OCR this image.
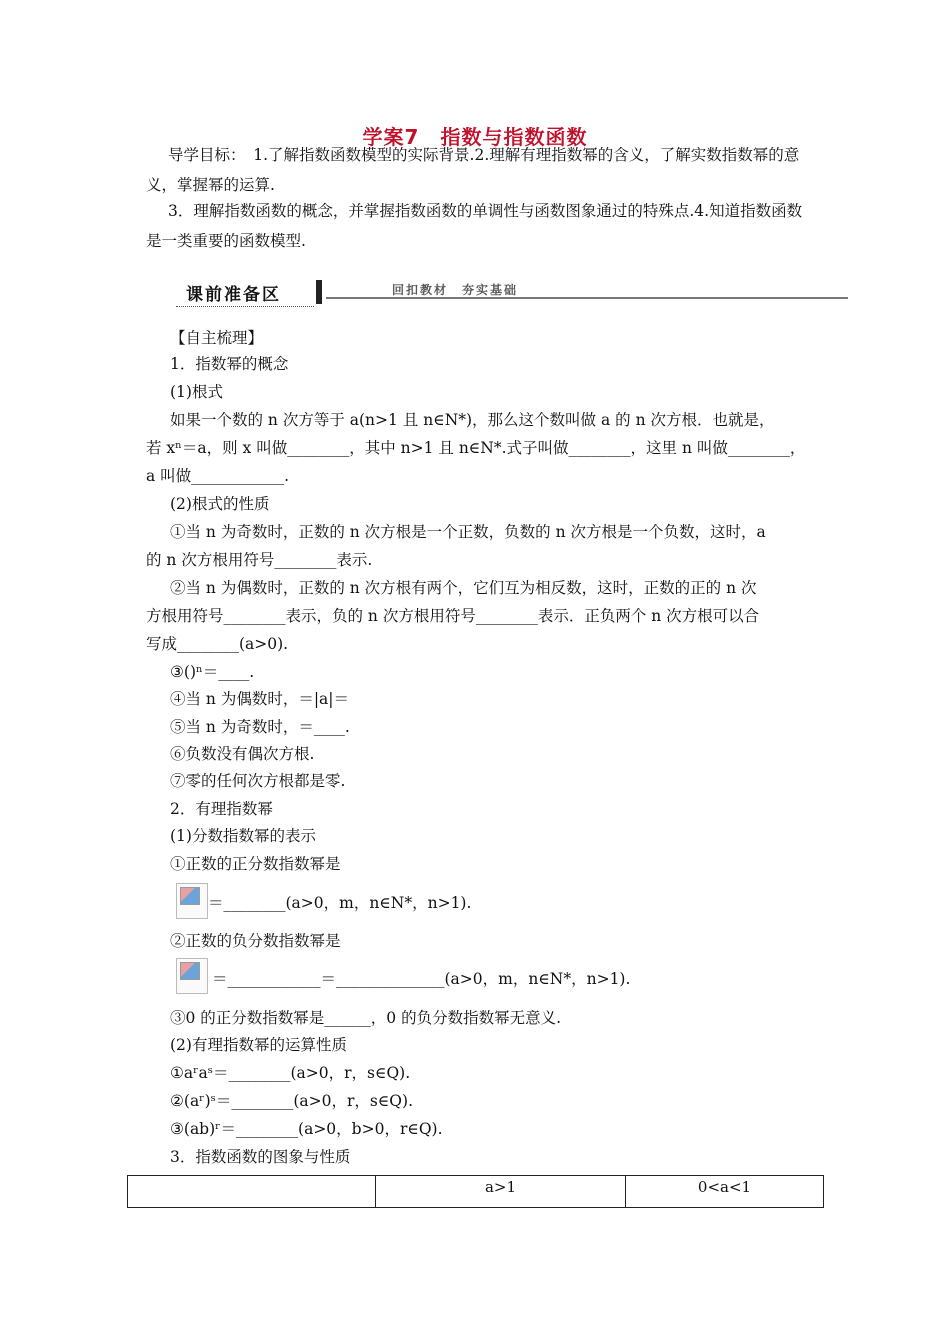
学案7　指数与指数函数
导学目标：　1.了解指数函数模型的实际背景.2.理解有理指数幂的含义，了解实数指数幂的意义，掌握幂的运算.
3．理解指数函数的概念，并掌握指数函数的单调性与函数图象通过的特殊点.4.知道指数函数是一类重要的函数模型.
课前准备区	回扣教材　夯实基础
【自主梳理】
1．指数幂的概念
(1)根式
如果一个数的 n 次方等于 a(n>1 且 n∈N*)，那么这个数叫做 a 的 n 次方根．也就是，
若 xⁿ＝a，则 x 叫做________，其中 n>1 且 n∈N*.式子叫做________，这里 n 叫做________，
a 叫做____________.
(2)根式的性质
①当 n 为奇数时，正数的 n 次方根是一个正数，负数的 n 次方根是一个负数，这时，a
的 n 次方根用符号________表示.
②当 n 为偶数时，正数的 n 次方根有两个，它们互为相反数，这时，正数的正的 n 次
方根用符号________表示，负的 n 次方根用符号________表示．正负两个 n 次方根可以合
写成________(a>0).
③()ⁿ＝____.
④当 n 为偶数时，＝|a|＝
⑤当 n 为奇数时，＝____.
⑥负数没有偶次方根.
⑦零的任何次方根都是零.
2．有理指数幂
(1)分数指数幂的表示
①正数的正分数指数幂是
＝________(a>0，m，n∈N*，n>1).
②正数的负分数指数幂是
＝____________＝______________(a>0，m，n∈N*，n>1).
③0 的正分数指数幂是______，0 的负分数指数幂无意义.
(2)有理指数幂的运算性质
①aʳaˢ＝________(a>0，r，s∈Q).
②(aʳ)ˢ＝________(a>0，r，s∈Q).
③(ab)ʳ＝________(a>0，b>0，r∈Q).
3．指数函数的图象与性质
	a>1	0<a<1
